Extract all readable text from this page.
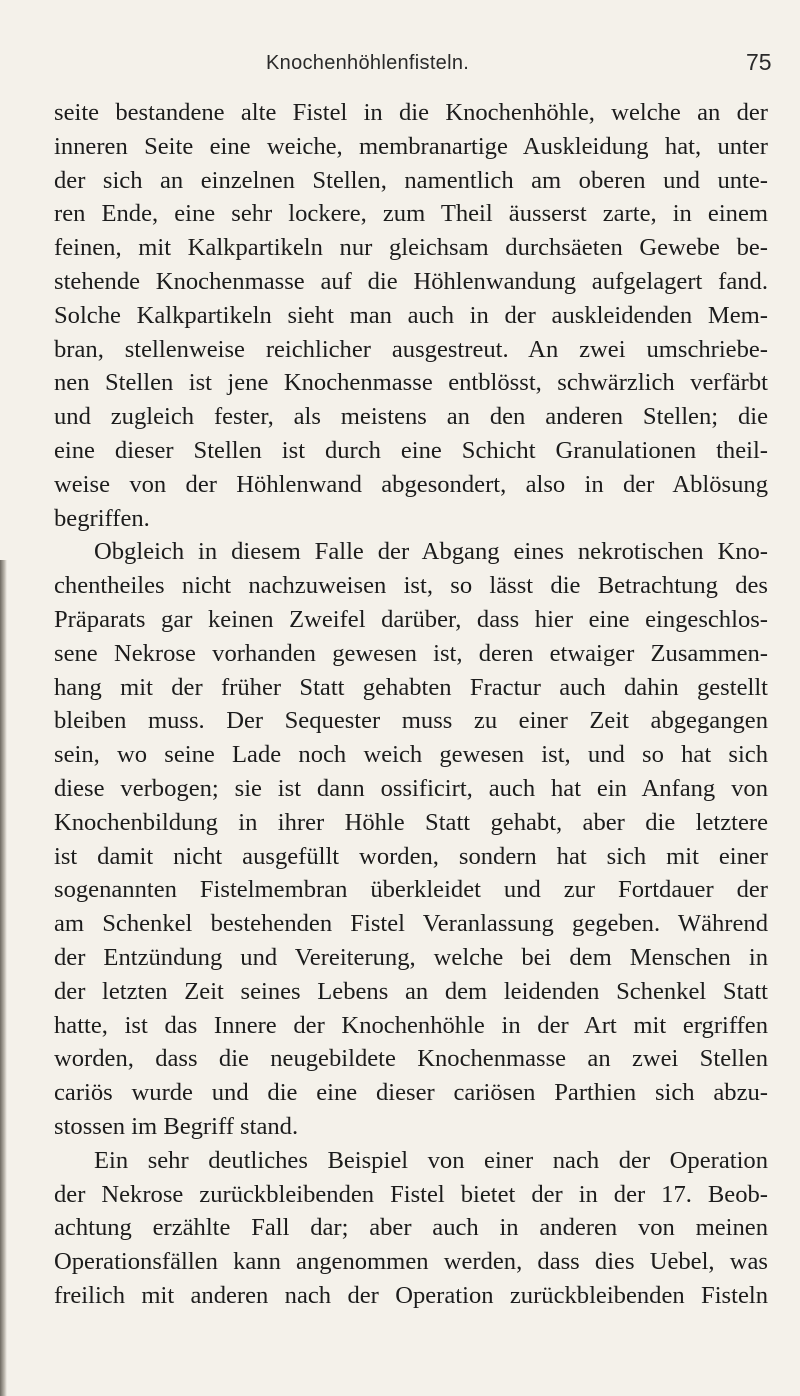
Knochenhöhlenfisteln.	75
seite bestandene alte Fistel in die Knochenhöhle, welche an der
inneren Seite eine weiche, membranartige Auskleidung hat, unter
der sich an einzelnen Stellen, namentlich am oberen und unte-
ren Ende, eine sehr lockere, zum Theil äusserst zarte, in einem
feinen, mit Kalkpartikeln nur gleichsam durchsäeten Gewebe be-
stehende Knochenmasse auf die Höhlenwandung aufgelagert fand.
Solche Kalkpartikeln sieht man auch in der auskleidenden Mem-
bran, stellenweise reichlicher ausgestreut. An zwei umschriebe-
nen Stellen ist jene Knochenmasse entblösst, schwärzlich verfärbt
und zugleich fester, als meistens an den anderen Stellen; die
eine dieser Stellen ist durch eine Schicht Granulationen theil-
weise von der Höhlenwand abgesondert, also in der Ablösung
begriffen.
Obgleich in diesem Falle der Abgang eines nekrotischen Kno-
chentheiles nicht nachzuweisen ist, so lässt die Betrachtung des
Präparats gar keinen Zweifel darüber, dass hier eine eingeschlos-
sene Nekrose vorhanden gewesen ist, deren etwaiger Zusammen-
hang mit der früher Statt gehabten Fractur auch dahin gestellt
bleiben muss. Der Sequester muss zu einer Zeit abgegangen
sein, wo seine Lade noch weich gewesen ist, und so hat sich
diese verbogen; sie ist dann ossificirt, auch hat ein Anfang von
Knochenbildung in ihrer Höhle Statt gehabt, aber die letztere
ist damit nicht ausgefüllt worden, sondern hat sich mit einer
sogenannten Fistelmembran überkleidet und zur Fortdauer der
am Schenkel bestehenden Fistel Veranlassung gegeben. Während
der Entzündung und Vereiterung, welche bei dem Menschen in
der letzten Zeit seines Lebens an dem leidenden Schenkel Statt
hatte, ist das Innere der Knochenhöhle in der Art mit ergriffen
worden, dass die neugebildete Knochenmasse an zwei Stellen
cariös wurde und die eine dieser cariösen Parthien sich abzu-
stossen im Begriff stand.
Ein sehr deutliches Beispiel von einer nach der Operation
der Nekrose zurückbleibenden Fistel bietet der in der 17. Beob-
achtung erzählte Fall dar; aber auch in anderen von meinen
Operationsfällen kann angenommen werden, dass dies Uebel, was
freilich mit anderen nach der Operation zurückbleibenden Fisteln
